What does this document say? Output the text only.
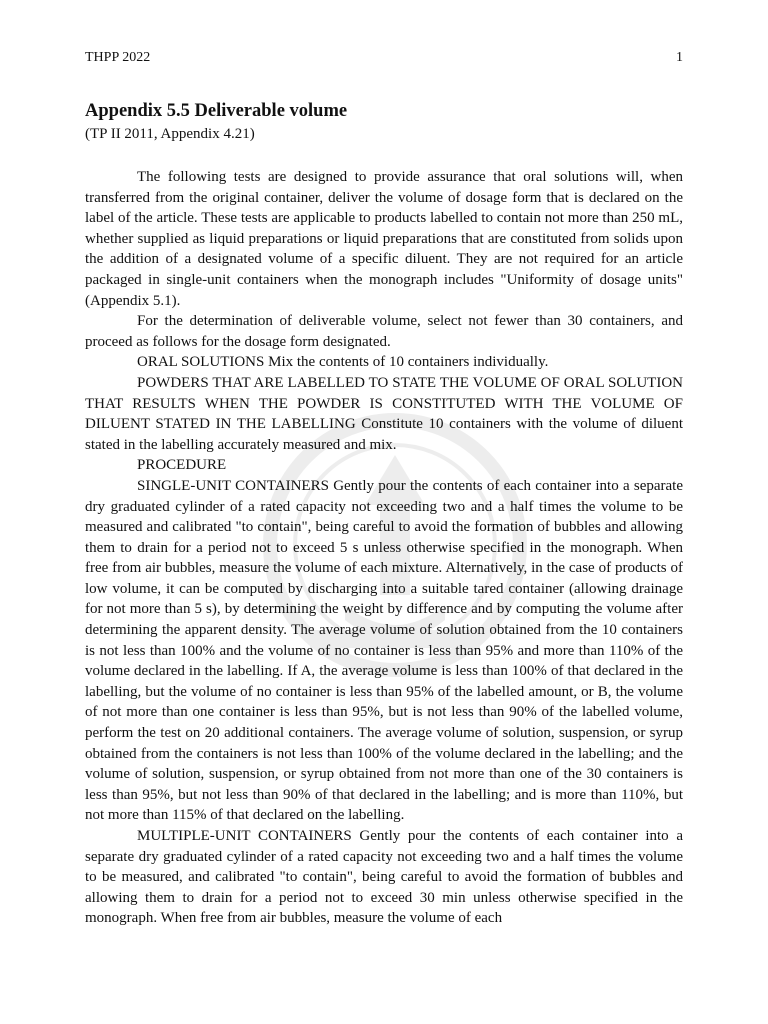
THPP 2022	1
Appendix 5.5 Deliverable volume
(TP II 2011, Appendix 4.21)

The following tests are designed to provide assurance that oral solutions will, when transferred from the original container, deliver the volume of dosage form that is declared on the label of the article. These tests are applicable to products labelled to contain not more than 250 mL, whether supplied as liquid preparations or liquid preparations that are constituted from solids upon the addition of a designated volume of a specific diluent. They are not required for an article packaged in single-unit containers when the monograph includes "Uniformity of dosage units" (Appendix 5.1).

For the determination of deliverable volume, select not fewer than 30 containers, and proceed as follows for the dosage form designated.

ORAL SOLUTIONS Mix the contents of 10 containers individually.

POWDERS THAT ARE LABELLED TO STATE THE VOLUME OF ORAL SOLUTION THAT RESULTS WHEN THE POWDER IS CONSTITUTED WITH THE VOLUME OF DILUENT STATED IN THE LABELLING Constitute 10 containers with the volume of diluent stated in the labelling accurately measured and mix.

PROCEDURE

SINGLE-UNIT CONTAINERS Gently pour the contents of each container into a separate dry graduated cylinder of a rated capacity not exceeding two and a half times the volume to be measured and calibrated "to contain", being careful to avoid the formation of bubbles and allowing them to drain for a period not to exceed 5 s unless otherwise specified in the monograph. When free from air bubbles, measure the volume of each mixture. Alternatively, in the case of products of low volume, it can be computed by discharging into a suitable tared container (allowing drainage for not more than 5 s), by determining the weight by difference and by computing the volume after determining the apparent density. The average volume of solution obtained from the 10 containers is not less than 100% and the volume of no container is less than 95% and more than 110% of the volume declared in the labelling. If A, the average volume is less than 100% of that declared in the labelling, but the volume of no container is less than 95% of the labelled amount, or B, the volume of not more than one container is less than 95%, but is not less than 90% of the labelled volume, perform the test on 20 additional containers. The average volume of solution, suspension, or syrup obtained from the containers is not less than 100% of the volume declared in the labelling; and the volume of solution, suspension, or syrup obtained from not more than one of the 30 containers is less than 95%, but not less than 90% of that declared in the labelling; and is more than 110%, but not more than 115% of that declared on the labelling.

MULTIPLE-UNIT CONTAINERS Gently pour the contents of each container into a separate dry graduated cylinder of a rated capacity not exceeding two and a half times the volume to be measured, and calibrated "to contain", being careful to avoid the formation of bubbles and allowing them to drain for a period not to exceed 30 min unless otherwise specified in the monograph. When free from air bubbles, measure the volume of each
